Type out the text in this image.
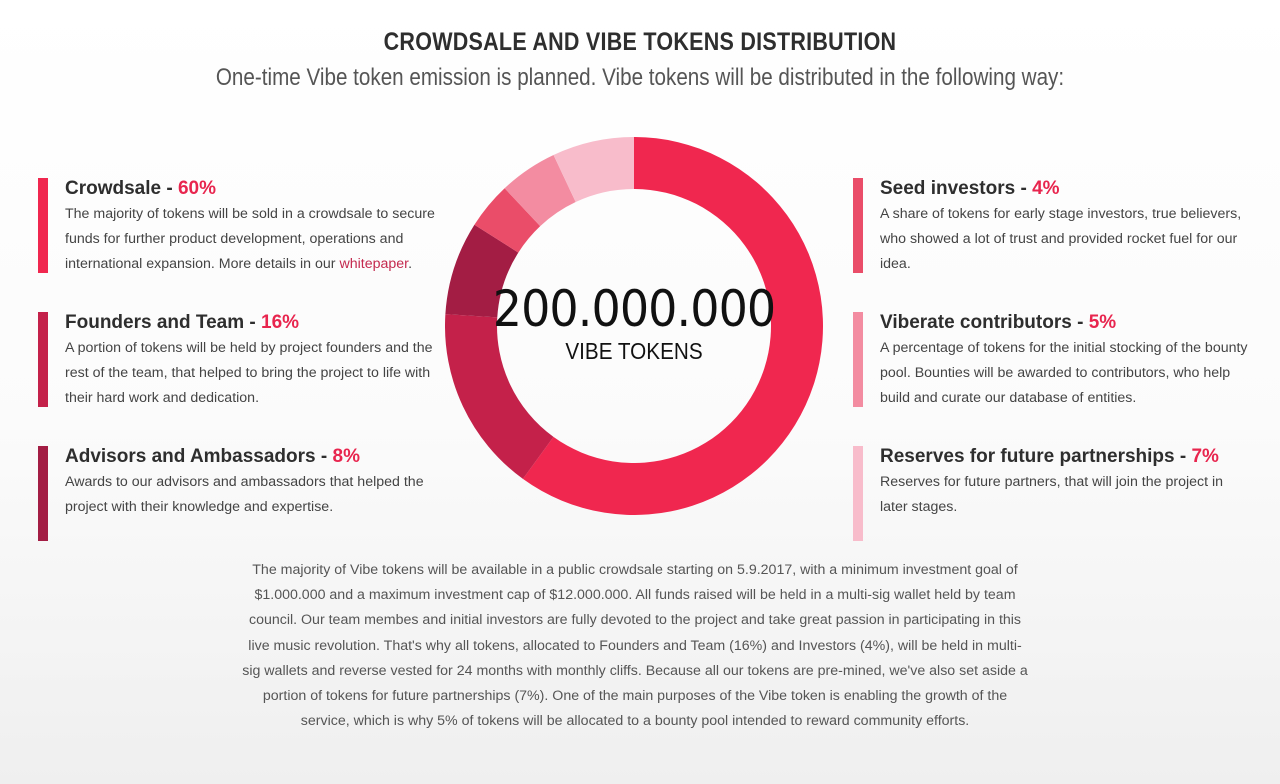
CROWDSALE AND VIBE TOKENS DISTRIBUTION
One-time Vibe token emission is planned. Vibe tokens will be distributed in the following way:
Crowdsale - 60%

The majority of tokens will be sold in a crowdsale to secure funds for further product development, operations and international expansion. More details in our whitepaper.

Founders and Team - 16%

A portion of tokens will be held by project founders and the rest of the team, that helped to bring the project to life with their hard work and dedication.

Advisors and Ambassadors - 8%

Awards to our advisors and ambassadors that helped the project with their knowledge and expertise.

Seed investors - 4%

A share of tokens for early stage investors, true believers, who showed a lot of trust and provided rocket fuel for our idea.

Viberate contributors - 5%

A percentage of tokens for the initial stocking of the bounty pool. Bounties will be awarded to contributors, who help build and curate our database of entities.

Reserves for future partnerships - 7%

Reserves for future partners, that will join the project in later stages.

200.000.000
VIBE TOKENS
The majority of Vibe tokens will be available in a public crowdsale starting on 5.9.2017, with a minimum investment goal of $1.000.000 and a maximum investment cap of $12.000.000. All funds raised will be held in a multi-sig wallet held by team council. Our team membes and initial investors are fully devoted to the project and take great passion in participating in this live music revolution. That's why all tokens, allocated to Founders and Team (16%) and Investors (4%), will be held in multi-sig wallets and reverse vested for 24 months with monthly cliffs. Because all our tokens are pre-mined, we've also set aside a portion of tokens for future partnerships (7%). One of the main purposes of the Vibe token is enabling the growth of the service, which is why 5% of tokens will be allocated to a bounty pool intended to reward community efforts.
